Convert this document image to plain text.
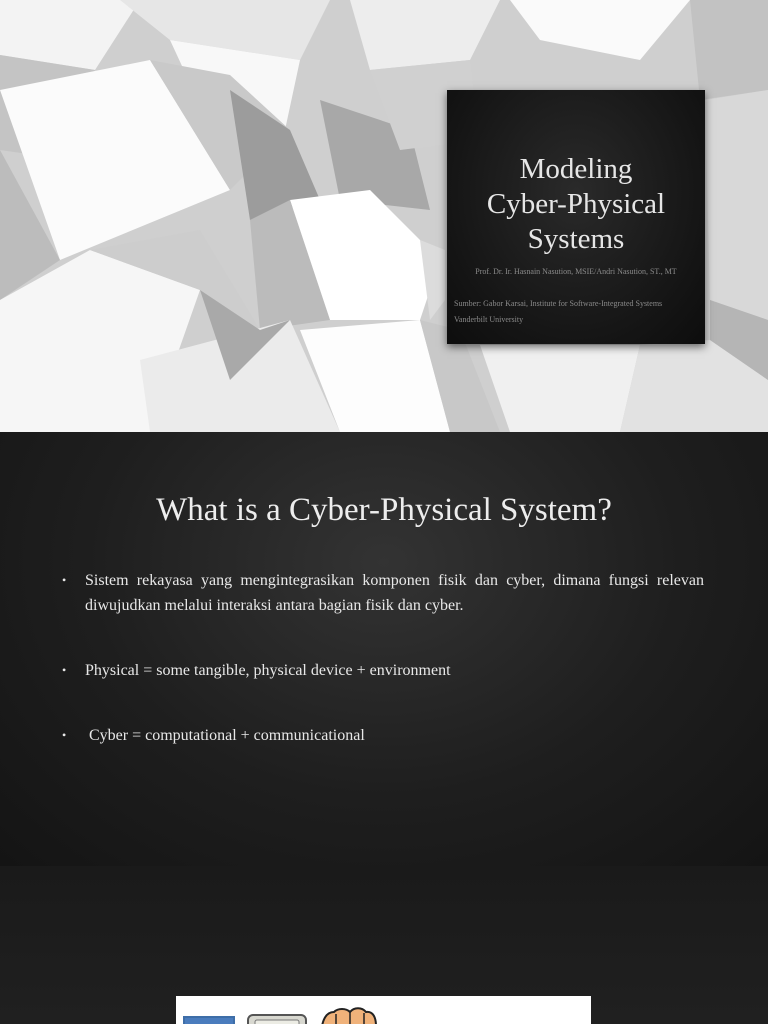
Modeling
Cyber-Physical
Systems
Prof. Dr. Ir. Hasnain Nasution, MSIE/Andri Nasution, ST., MT
Sumber: Gabor Karsai, Institute for Software-Integrated Systems
Vanderbilt University
What is a Cyber-Physical System?
•	Sistem rekayasa yang mengintegrasikan komponen fisik dan cyber, dimana fungsi relevan diwujudkan melalui interaksi antara bagian fisik dan cyber.
•	Physical = some tangible, physical device + environment
•	Cyber = computational + communicational
